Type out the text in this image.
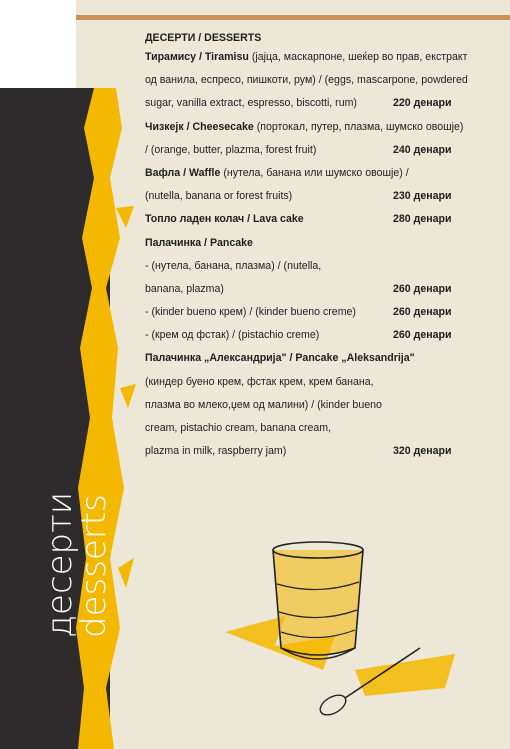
десерти
desserts
ДЕСЕРТИ / DESSERTS
Тирамису / Tiramisu (јајца, маскарпоне, шеќер во прав, екстракт
од ванила, еспресо, пишкоти, рум) / (eggs, mascarpone, powdered
sugar, vanilla extract, espresso, biscotti, rum)	220 денари
Чизкејк / Cheesecake (портокал, путер, плазма, шумско овошје)
/ (orange, butter, plazma, forest fruit)	240 денари
Вафла / Waffle (нутела, банана или шумско овошје) /
(nutella, banana or forest fruits)	230 денари
Топло ладен колач / Lava cake	280 денари
Палачинка / Pancake
- (нутела, банана, плазма) / (nutella,
banana, plazma)	260 денари
- (kinder bueno крем) / (kinder bueno creme)	260 денари
- (крем од фстак) / (pistachio creme)	260 денари
Палачинка „Александрија" / Pancake „Aleksandrija"
(киндер буено крем, фстак крем, крем банана,
плазма во млеко,џем од малини) / (kinder bueno
cream, pistachio cream, banana cream,
plazma in milk, raspberry jam)	320 денари
